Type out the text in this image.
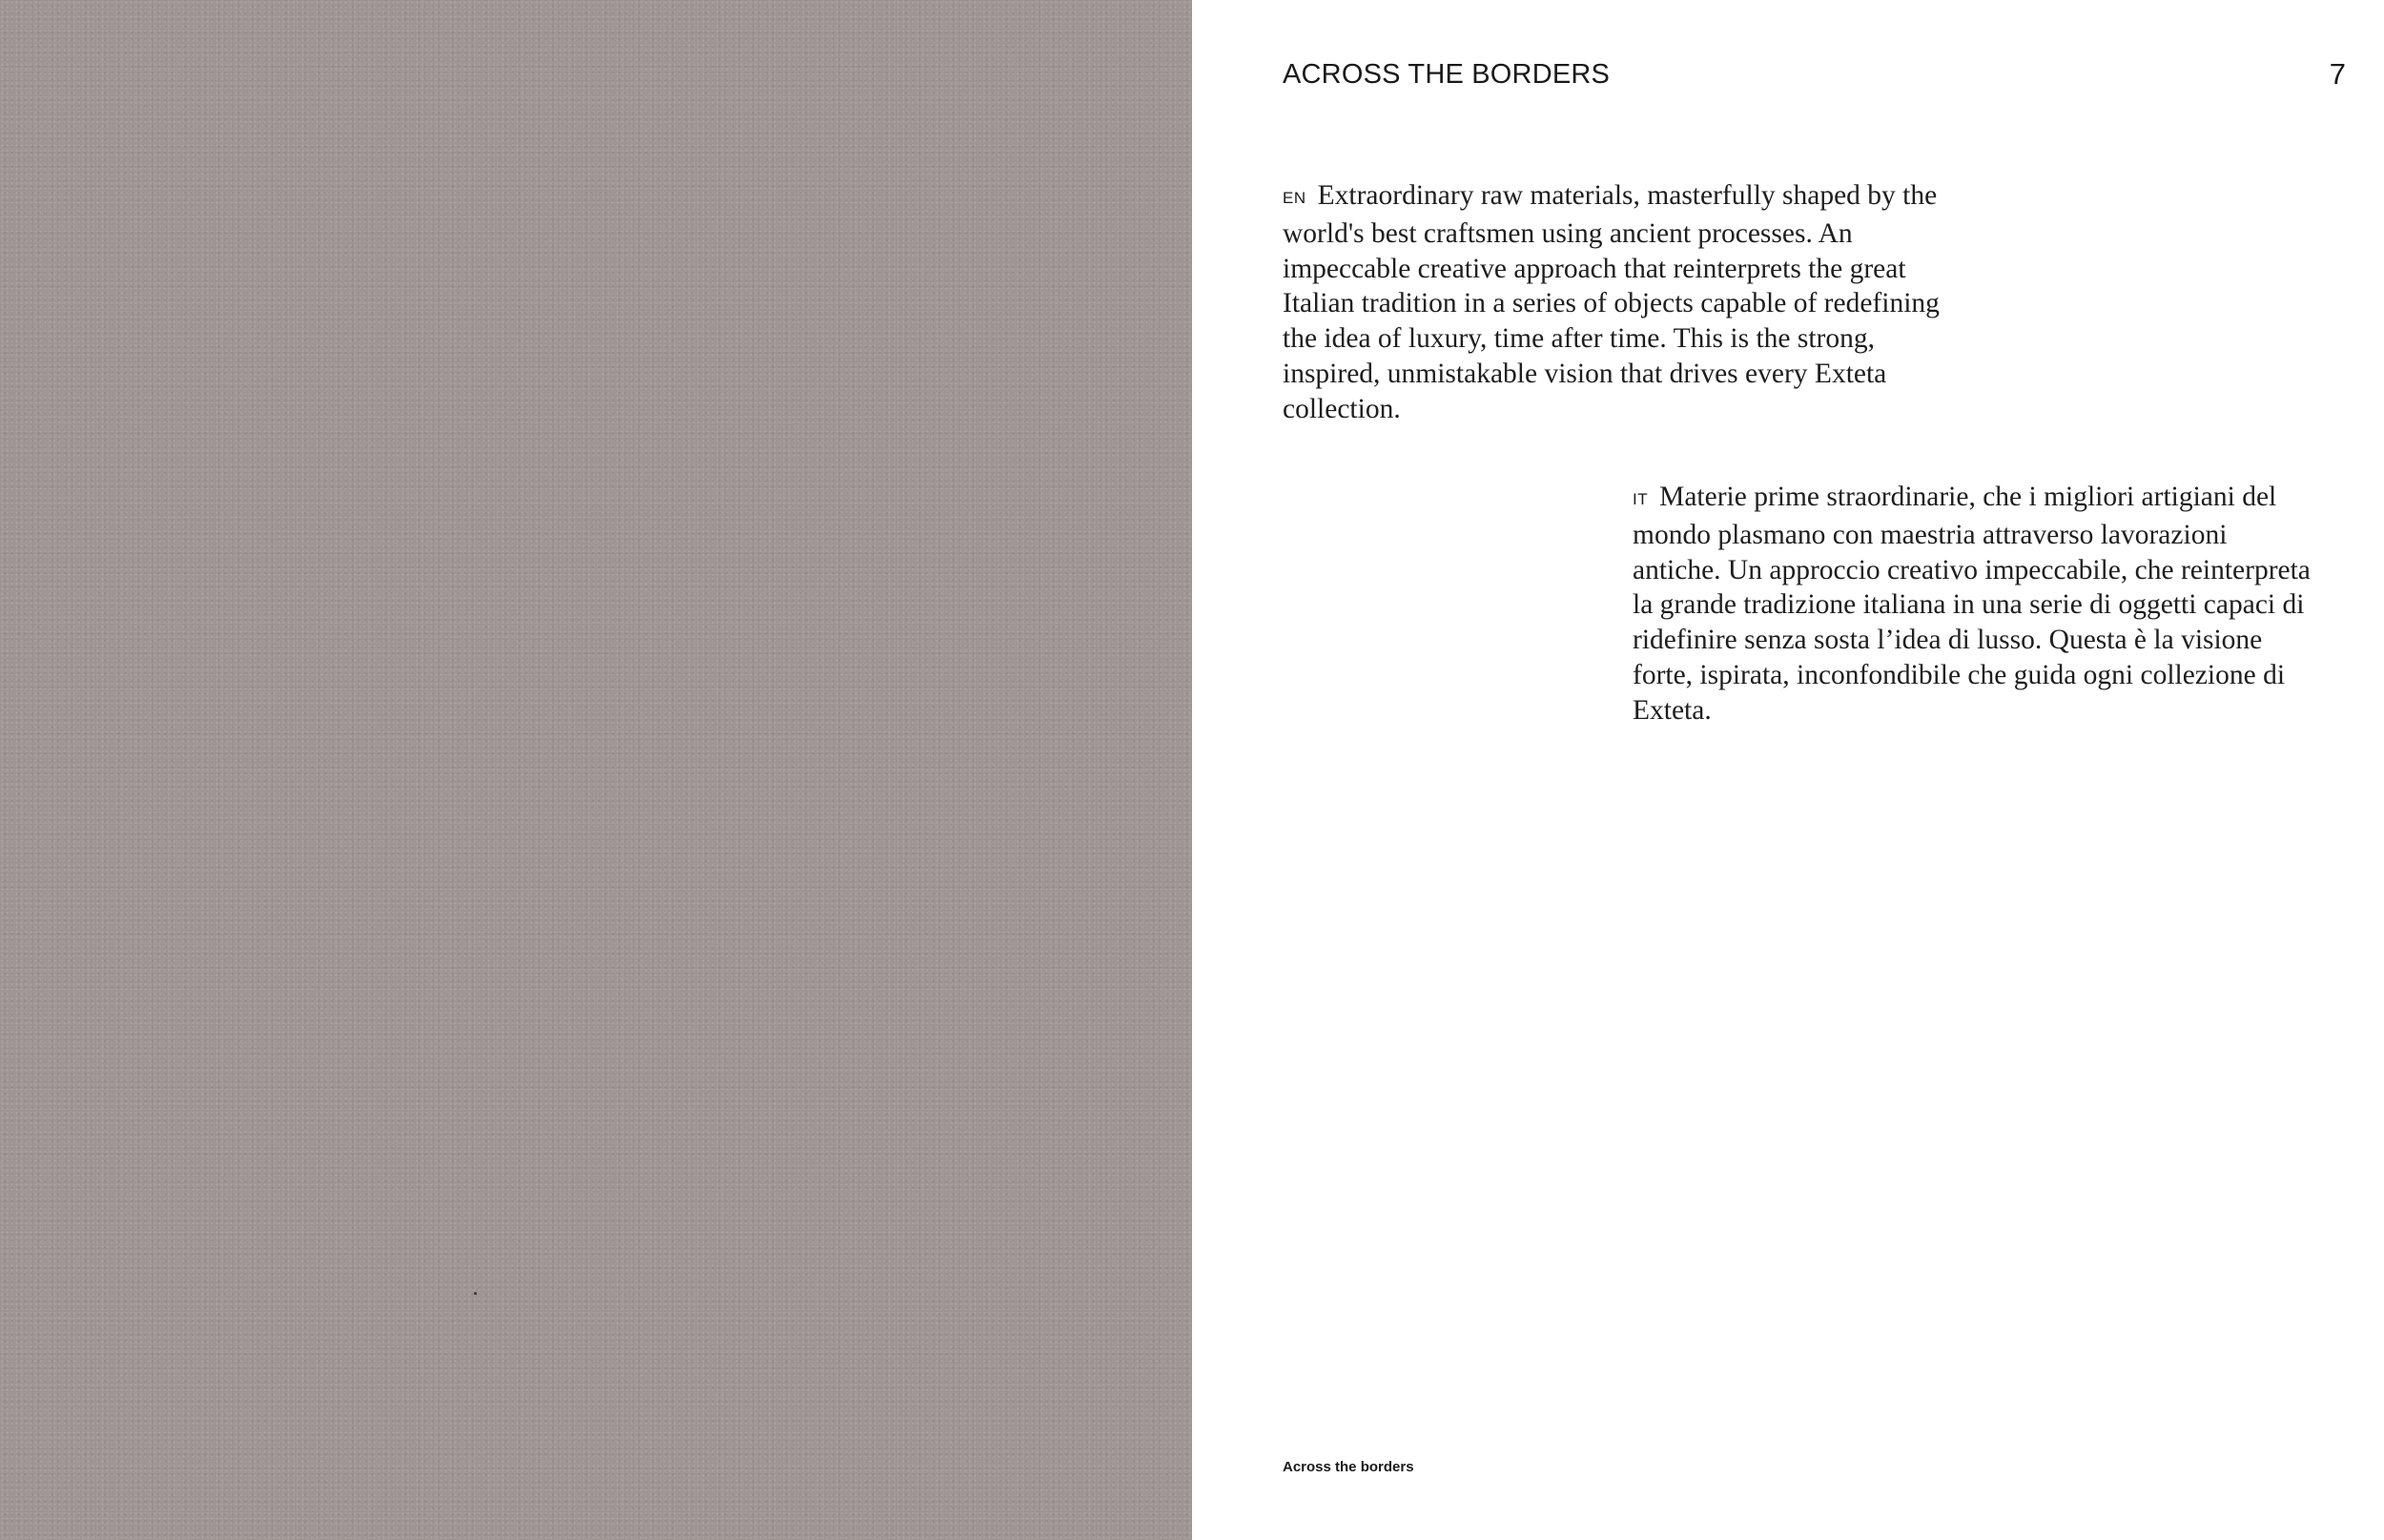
ACROSS THE BORDERS	7

EN Extraordinary raw materials, masterfully shaped by the world's best craftsmen using ancient processes. An impeccable creative approach that reinterprets the great Italian tradition in a series of objects capable of redefining the idea of luxury, time after time. This is the strong, inspired, unmistakable vision that drives every Exteta collection.

IT Materie prime straordinarie, che i migliori artigiani del mondo plasmano con maestria attraverso lavorazioni antiche. Un approccio creativo impeccabile, che reinterpreta la grande tradizione italiana in una serie di oggetti capaci di ridefinire senza sosta l’idea di lusso. Questa è la visione forte, ispirata, inconfondibile che guida ogni collezione di Exteta.

Across the borders
